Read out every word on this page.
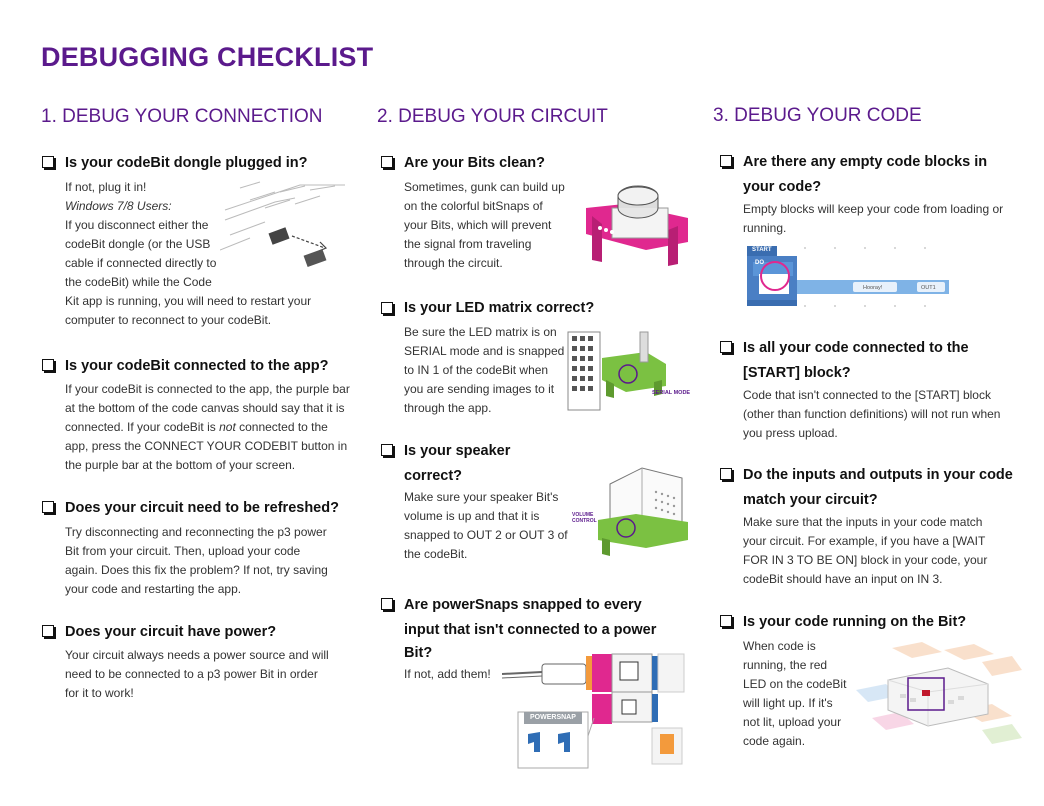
DEBUGGING CHECKLIST
1. DEBUG YOUR CONNECTION
Is your codeBit dongle plugged in?
If not, plug it in!
Windows 7/8 Users:
If you disconnect either the
codeBit dongle (or the USB
cable if connected directly to
the codeBit) while the Code
Kit app is running, you will need to restart your
computer to reconnect to your codeBit.
Is your codeBit connected to the app?
If your codeBit is connected to the app, the purple bar
at the bottom of the code canvas should say that it is
connected. If your codeBit is not connected to the
app, press the CONNECT YOUR CODEBIT button in
the purple bar at the bottom of your screen.
Does your circuit need to be refreshed?
Try disconnecting and reconnecting the p3 power
Bit from your circuit. Then, upload your code
again. Does this fix the problem? If not, try saving
your code and restarting the app.
Does your circuit have power?
Your circuit always needs a power source and will
need to be connected to a p3 power Bit in order
for it to work!
2. DEBUG YOUR CIRCUIT
Are your Bits clean?
Sometimes, gunk can build up
on the colorful bitSnaps of
your Bits, which will prevent
the signal from traveling
through the circuit.
Is your LED matrix correct?
Be sure the LED matrix is on
SERIAL mode and is snapped
to IN 1 of the codeBit when
you are sending images to it
through the app.
SERIAL MODE
Is your speaker
correct?
Make sure your speaker Bit's
volume is up and that it is
snapped to OUT 2 or OUT 3 of
the codeBit.
VOLUME
CONTROL
Are powerSnaps snapped to every
input that isn't connected to a power
Bit?
If not, add them!
POWERSNAP
3. DEBUG YOUR CODE
Are there any empty code blocks in
your code?
Empty blocks will keep your code from loading or
running.
START
DO
Hooray!	OUT1
Is all your code connected to the
[START] block?
Code that isn't connected to the [START] block
(other than function definitions) will not run when
you press upload.
Do the inputs and outputs in your code
match your circuit?
Make sure that the inputs in your code match
your circuit. For example, if you have a [WAIT
FOR IN 3 TO BE ON] block in your code, your
codeBit should have an input on IN 3.
Is your code running on the Bit?
When code is
running, the red
LED on the codeBit
will light up. If it's
not lit, upload your
code again.
